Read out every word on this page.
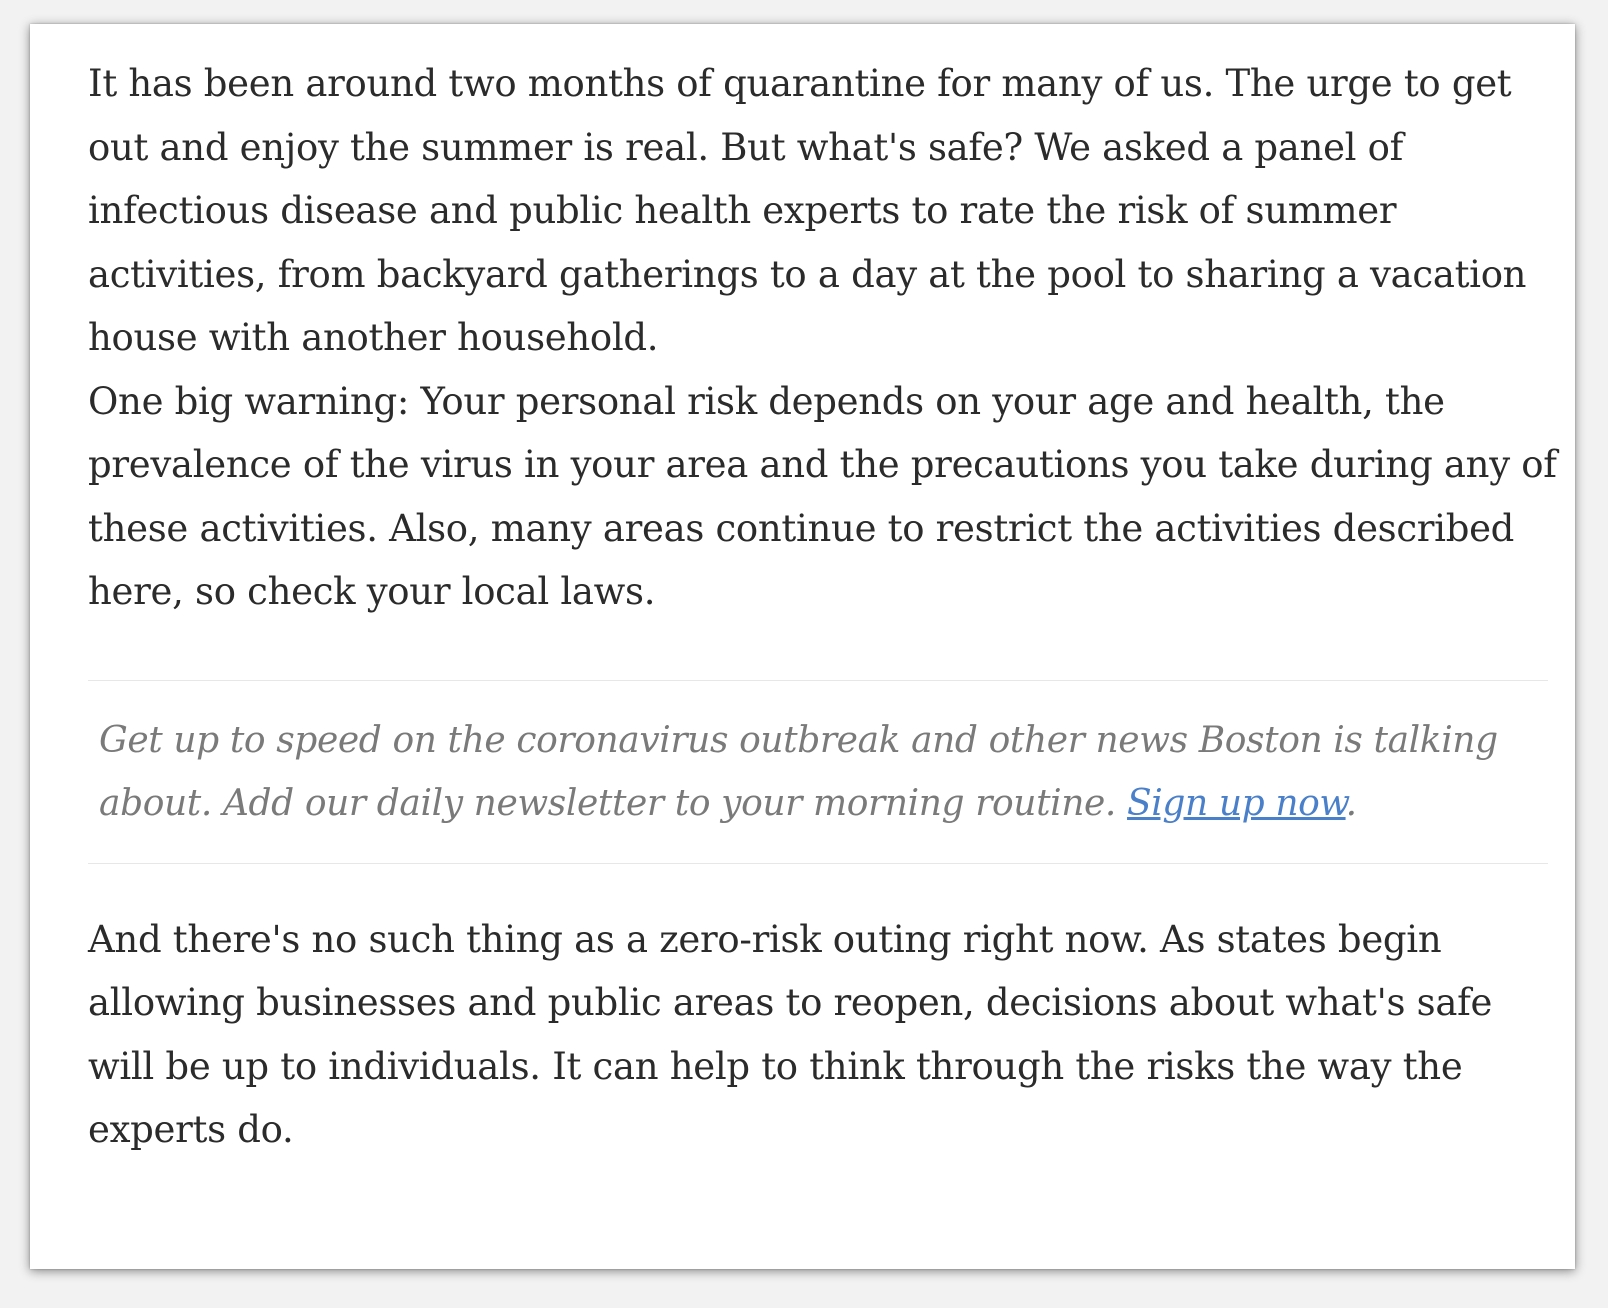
It has been around two months of quarantine for many of us. The urge to get out and enjoy the summer is real. But what's safe? We asked a panel of infectious disease and public health experts to rate the risk of summer activities, from backyard gatherings to a day at the pool to sharing a vacation house with another household.

One big warning: Your personal risk depends on your age and health, the prevalence of the virus in your area and the precautions you take during any of these activities. Also, many areas continue to restrict the activities described here, so check your local laws.

Get up to speed on the coronavirus outbreak and other news Boston is talking about. Add our daily newsletter to your morning routine. Sign up now.

And there's no such thing as a zero-risk outing right now. As states begin allowing businesses and public areas to reopen, decisions about what's safe will be up to individuals. It can help to think through the risks the way the experts do.
